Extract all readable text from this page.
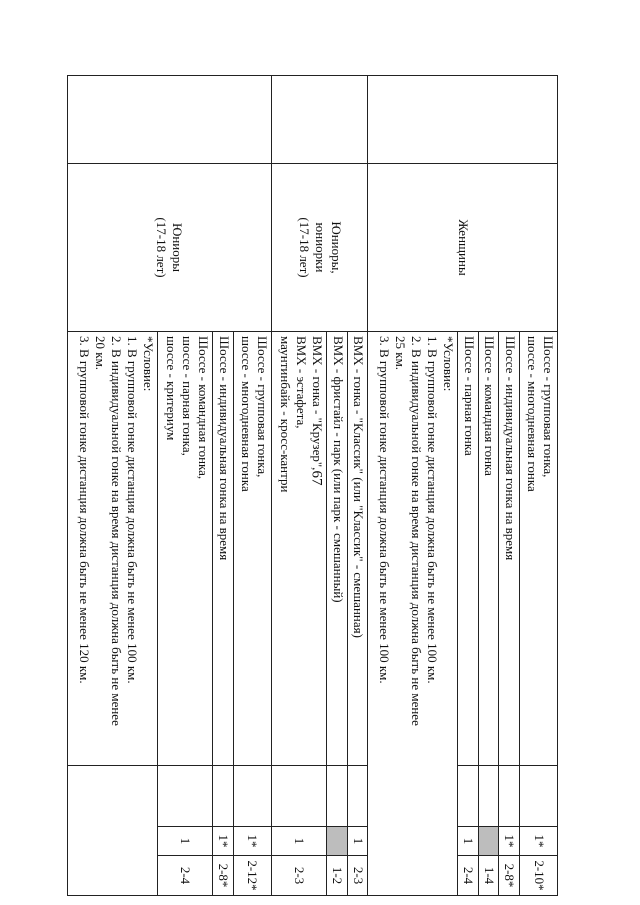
67
	Женщины	Шоссе - групповая гонка,
шоссе - многодневная гонка		1*	2-10*
		Шоссе - индивидуальная гонка на время		1*	2-8*
		Шоссе - командная гонка			1-4
		Шоссе - парная гонка		1	2-4

		*Условие:
1. В групповой гонке дистанция должна быть не менее 100 км.
2. В индивидуальной гонке на время дистанция должна быть не менее
25 км.
3. В групповой гонке дистанция должна быть не менее 100 км.			

	Юниоры,
юниорки
(17-18 лет)	BMX - гонка - "Классик" (или "Классик" - смешанная)		1	2-3
		BMX - фристайл - парк (или парк - смешанный)			1-2

		BMX - гонка - "Крузер",
BMX - эстафета,
маунтинбайк - кросс-кантри		1	2-3

	Юниоры
(17-18 лет)	Шоссе - групповая гонка,
шоссе - многодневная гонка		1*	2-12*
		Шоссе - индивидуальная гонка на время		1*	2-8*

		Шоссе - командная гонка,
шоссе - парная гонка,
шоссе - критериум		1	2-4

		*Условие:
1. В групповой гонке дистанция должна быть не менее 100 км.
2. В индивидуальной гонке на время дистанция должна быть не менее
20 км.
3. В групповой гонке дистанция должна быть не менее 120 км.			
